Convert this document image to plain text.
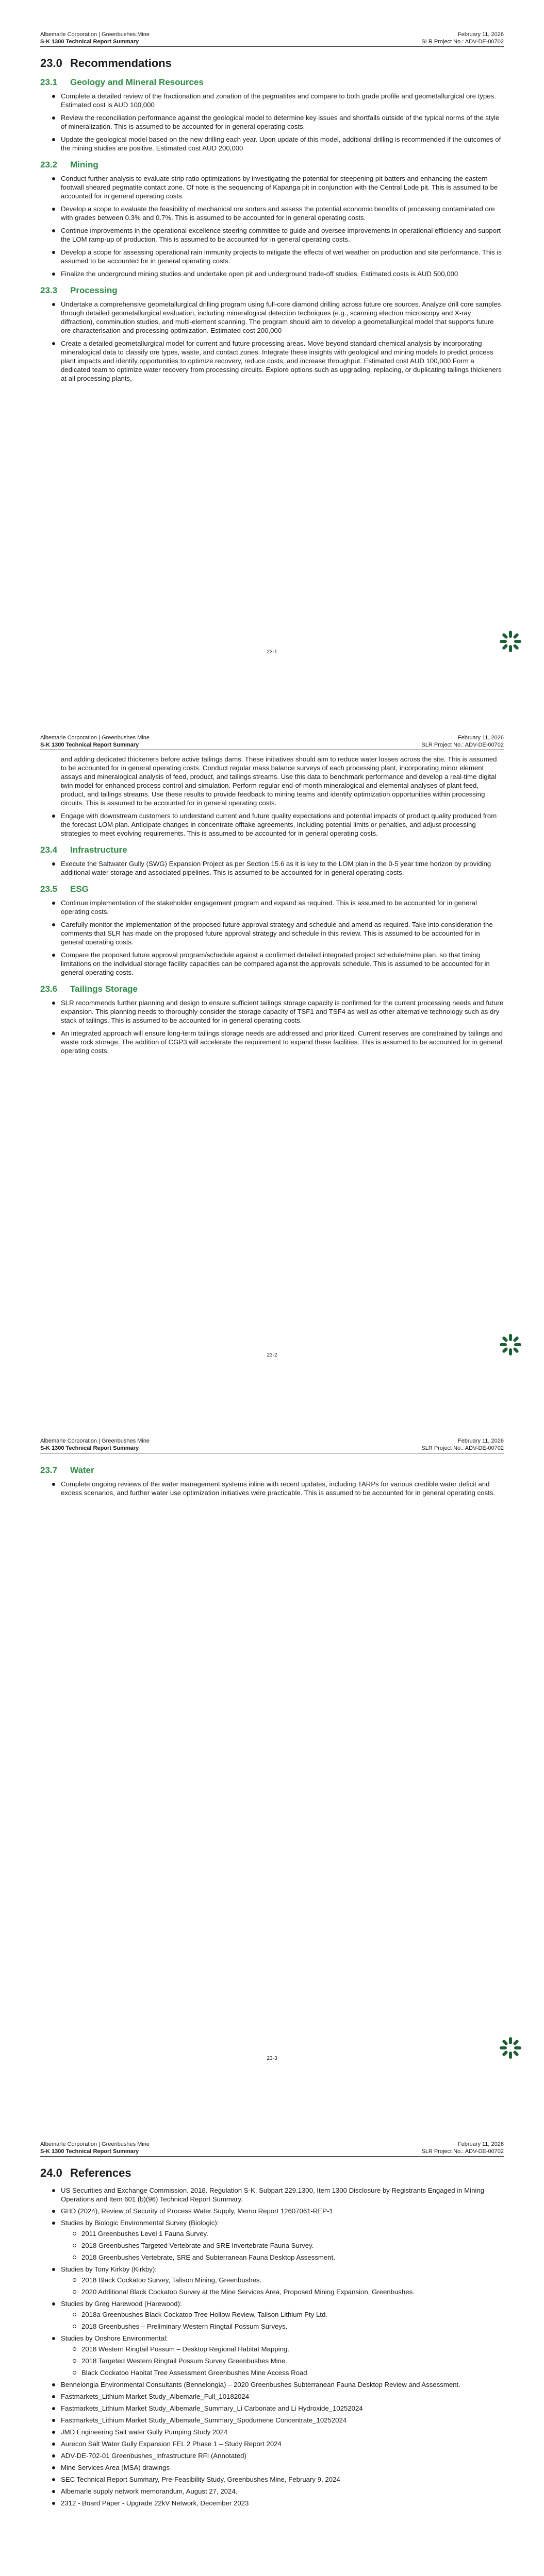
Albemarle Corporation | Greenbushes Mine	February 11, 2026
S-K 1300 Technical Report Summary	SLR Project No.: ADV-DE-00702
23.0 Recommendations
23.1 Geology and Mineral Resources
Complete a detailed review of the fractionation and zonation of the pegmatites and compare to both grade profile and geometallurgical ore types. Estimated cost is AUD 100,000
Review the reconciliation performance against the geological model to determine key issues and shortfalls outside of the typical norms of the style of mineralization. This is assumed to be accounted for in general operating costs.
Update the geological model based on the new drilling each year. Upon update of this model, additional drilling is recommended if the outcomes of the mining studies are positive. Estimated cost AUD 200,000
23.2 Mining
Conduct further analysis to evaluate strip ratio optimizations by investigating the potential for steepening pit batters and enhancing the eastern footwall sheared pegmatite contact zone. Of note is the sequencing of Kapanga pit in conjunction with the Central Lode pit. This is assumed to be accounted for in general operating costs.
Develop a scope to evaluate the feasibility of mechanical ore sorters and assess the potential economic benefits of processing contaminated ore with grades between 0.3% and 0.7%. This is assumed to be accounted for in general operating costs.
Continue improvements in the operational excellence steering committee to guide and oversee improvements in operational efficiency and support the LOM ramp-up of production. This is assumed to be accounted for in general operating costs.
Develop a scope for assessing operational rain immunity projects to mitigate the effects of wet weather on production and site performance. This is assumed to be accounted for in general operating costs.
Finalize the underground mining studies and undertake open pit and underground trade-off studies. Estimated costs is AUD 500,000
23.3 Processing
Undertake a comprehensive geometallurgical drilling program using full-core diamond drilling across future ore sources. Analyze drill core samples through detailed geometallurgical evaluation, including mineralogical detection techniques (e.g., scanning electron microscopy and X-ray diffraction), comminution studies, and multi-element scanning. The program should aim to develop a geometallurgical model that supports future ore characterisation and processing optimization. Estimated cost 200,000
Create a detailed geometallurgical model for current and future processing areas. Move beyond standard chemical analysis by incorporating mineralogical data to classify ore types, waste, and contact zones. Integrate these insights with geological and mining models to predict process plant impacts and identify opportunities to optimize recovery, reduce costs, and increase throughput. Estimated cost AUD 100,000 Form a dedicated team to optimize water recovery from processing circuits. Explore options such as upgrading, replacing, or duplicating tailings thickeners at all processing plants,
23-1
Albemarle Corporation | Greenbushes Mine	February 11, 2026
S-K 1300 Technical Report Summary	SLR Project No.: ADV-DE-00702

and adding dedicated thickeners before active tailings dams. These initiatives should aim to reduce water losses across the site. This is assumed to be accounted for in general operating costs. Conduct regular mass balance surveys of each processing plant, incorporating minor element assays and mineralogical analysis of feed, product, and tailings streams. Use this data to benchmark performance and develop a real-time digital twin model for enhanced process control and simulation. Perform regular end-of-month mineralogical and elemental analyses of plant feed, product, and tailings streams. Use these results to provide feedback to mining teams and identify optimization opportunities within processing circuits. This is assumed to be accounted for in general operating costs.

Engage with downstream customers to understand current and future quality expectations and potential impacts of product quality produced from the forecast LOM plan. Anticipate changes in concentrate offtake agreements, including potential limits or penalties, and adjust processing strategies to meet evolving requirements. This is assumed to be accounted for in general operating costs.
23.4 Infrastructure
Execute the Saltwater Gully (SWG) Expansion Project as per Section 15.6 as it is key to the LOM plan in the 0-5 year time horizon by providing additional water storage and associated pipelines. This is assumed to be accounted for in general operating costs.
23.5 ESG
Continue implementation of the stakeholder engagement program and expand as required. This is assumed to be accounted for in general operating costs.
Carefully monitor the implementation of the proposed future approval strategy and schedule and amend as required. Take into consideration the comments that SLR has made on the proposed future approval strategy and schedule in this review. This is assumed to be accounted for in general operating costs.
Compare the proposed future approval program/schedule against a confirmed detailed integrated project schedule/mine plan, so that timing limitations on the individual storage facility capacities can be compared against the approvals schedule. This is assumed to be accounted for in general operating costs.
23.6 Tailings Storage
SLR recommends further planning and design to ensure sufficient tailings storage capacity is confirmed for the current processing needs and future expansion. This planning needs to thoroughly consider the storage capacity of TSF1 and TSF4 as well as other alternative technology such as dry stack of tailings. This is assumed to be accounted for in general operating costs.
An integrated approach will ensure long-term tailings storage needs are addressed and prioritized. Current reserves are constrained by tailings and waste rock storage. The addition of CGP3 will accelerate the requirement to expand these facilities. This is assumed to be accounted for in general operating costs.
23-2
Albemarle Corporation | Greenbushes Mine	February 11, 2026
S-K 1300 Technical Report Summary	SLR Project No.: ADV-DE-00702
23.7 Water
Complete ongoing reviews of the water management systems inline with recent updates, including TARPs for various credible water deficit and excess scenarios, and further water use optimization initiatives were practicable. This is assumed to be accounted for in general operating costs.
23-3
Albemarle Corporation | Greenbushes Mine	February 11, 2026
S-K 1300 Technical Report Summary	SLR Project No.: ADV-DE-00702
24.0 References
US Securities and Exchange Commission. 2018. Regulation S-K, Subpart 229.1300, Item 1300 Disclosure by Registrants Engaged in Mining Operations and Item 601 (b)(96) Technical Report Summary.
GHD (2024), Review of Security of Process Water Supply, Memo Report 12607061-REP-1
Studies by Biologic Environmental Survey (Biologic):
2011 Greenbushes Level 1 Fauna Survey.
2018 Greenbushes Targeted Vertebrate and SRE Invertebrate Fauna Survey.
2018 Greenbushes Vertebrate, SRE and Subterranean Fauna Desktop Assessment.
Studies by Tony Kirkby (Kirkby):
2018 Black Cockatoo Survey, Talison Mining, Greenbushes.
2020 Additional Black Cockatoo Survey at the Mine Services Area, Proposed Mining Expansion, Greenbushes.
Studies by Greg Harewood (Harewood):
2018a Greenbushes Black Cockatoo Tree Hollow Review, Talison Lithium Pty Ltd.
2018 Greenbushes – Preliminary Western Ringtail Possum Surveys.
Studies by Onshore Environmental:
2018 Western Ringtail Possum – Desktop Regional Habitat Mapping.
2018 Targeted Western Ringtail Possum Survey Greenbushes Mine.
Black Cockatoo Habitat Tree Assessment Greenbushes Mine Access Road.
Bennelongia Environmental Consultants (Bennelongia) – 2020 Greenbushes Subterranean Fauna Desktop Review and Assessment.
Fastmarkets_Lithium Market Study_Albemarle_Full_10182024
Fastmarkets_Lithium Market Study_Albemarle_Summary_Li Carbonate and Li Hydroxide_10252024
Fastmarkets_Lithium Market Study_Albemarle_Summary_Spodumene Concentrate_10252024
JMD Engineering Salt water Gully Pumping Study 2024
Aurecon Salt Water Gully Expansion FEL 2 Phase 1 – Study Report 2024
ADV-DE-702-01 Greenbushes_Infrastructure RFI (Annotated)
Mine Services Area (MSA) drawings
SEC Technical Report Summary, Pre-Feasibility Study, Greenbushes Mine, February 9, 2024
Albemarle supply network memorandum, August 27, 2024.
2312 - Board Paper - Upgrade 22kV Network, December 2023
